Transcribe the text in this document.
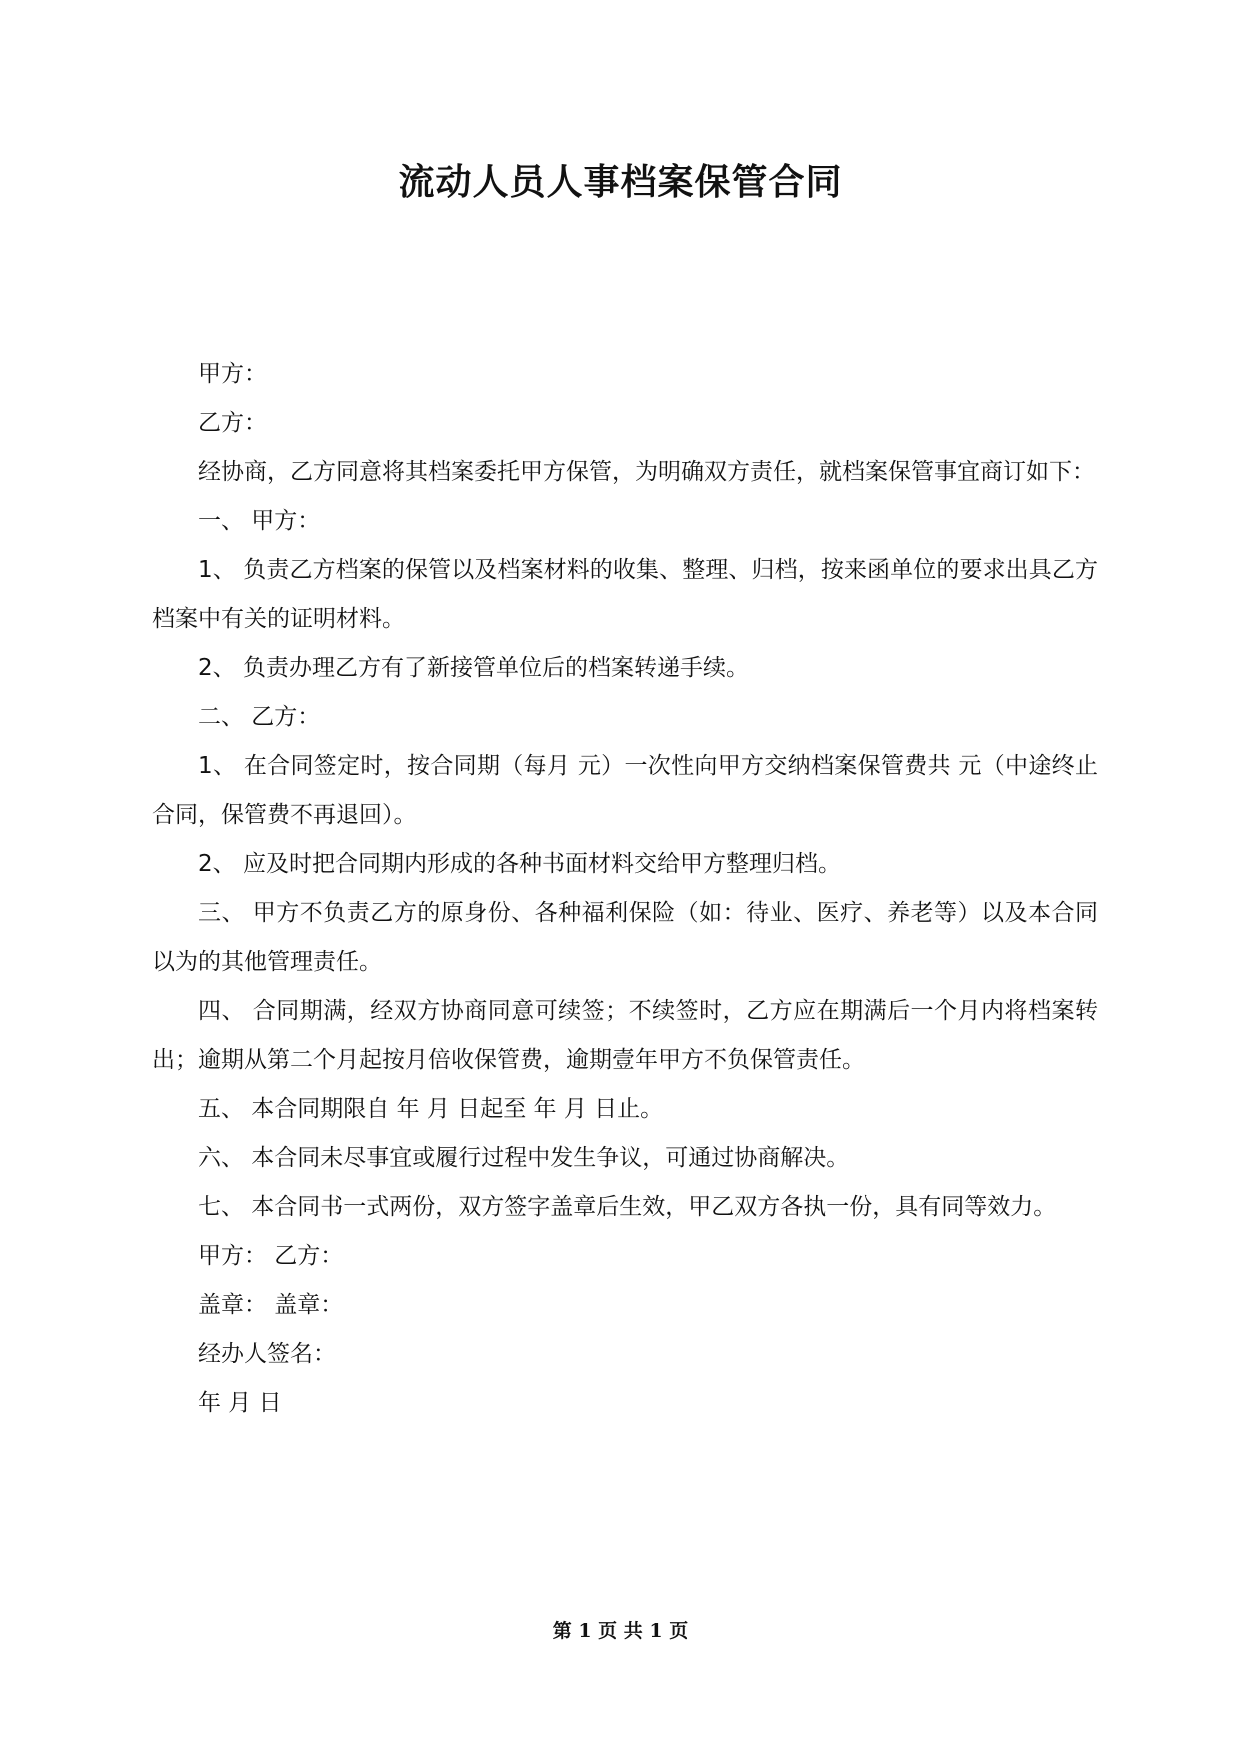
流动人员人事档案保管合同

甲方：

乙方：

经协商，乙方同意将其档案委托甲方保管，为明确双方责任，就档案保管事宜商订如下：

一、 甲方：

1、 负责乙方档案的保管以及档案材料的收集、整理、归档，按来函单位的要求出具乙方档案中有关的证明材料。

2、 负责办理乙方有了新接管单位后的档案转递手续。

二、 乙方：

1、 在合同签定时，按合同期（每月 元）一次性向甲方交纳档案保管费共 元（中途终止合同，保管费不再退回）。

2、 应及时把合同期内形成的各种书面材料交给甲方整理归档。

三、 甲方不负责乙方的原身份、各种福利保险（如：待业、医疗、养老等）以及本合同以为的其他管理责任。

四、 合同期满，经双方协商同意可续签；不续签时，乙方应在期满后一个月内将档案转出；逾期从第二个月起按月倍收保管费，逾期壹年甲方不负保管责任。

五、 本合同期限自 年 月 日起至 年 月 日止。

六、 本合同未尽事宜或履行过程中发生争议，可通过协商解决。

七、 本合同书一式两份，双方签字盖章后生效，甲乙双方各执一份，具有同等效力。

甲方： 乙方：

盖章： 盖章：

经办人签名：

年 月 日

第 1 页 共 1 页
